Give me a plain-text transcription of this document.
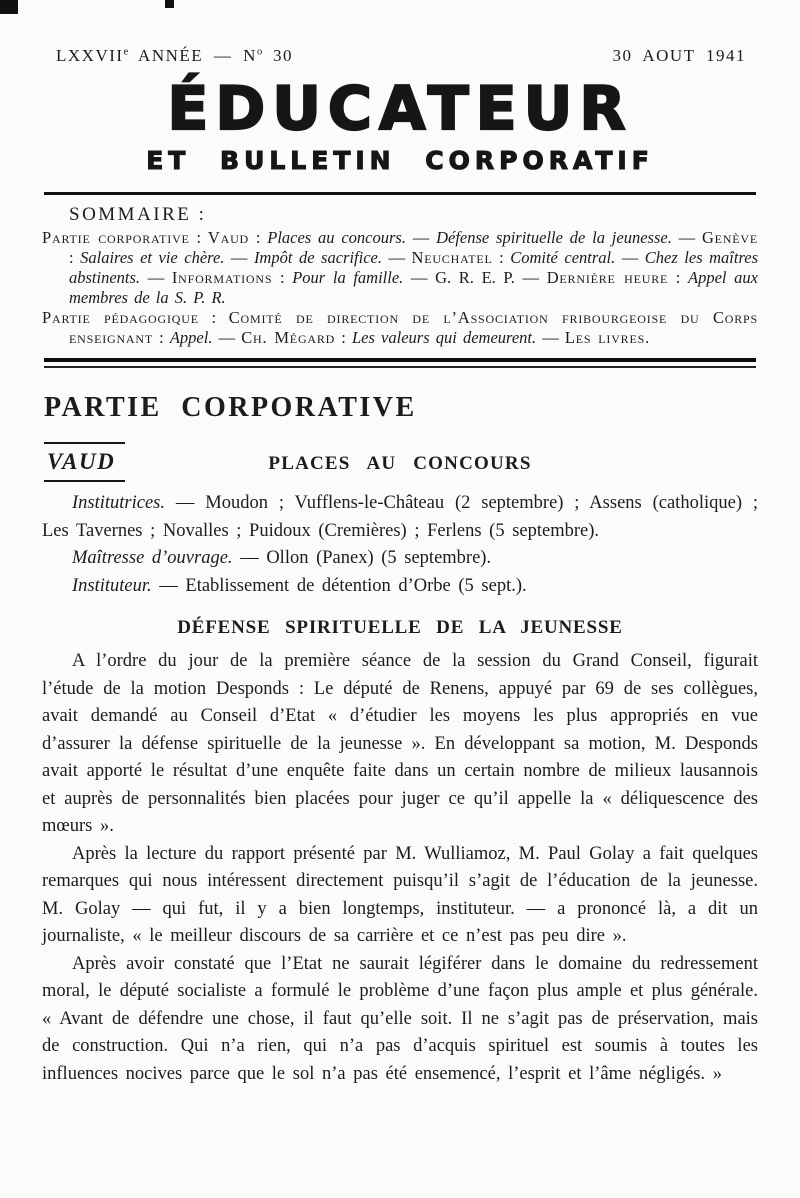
LXXVIIe ANNÉE — $N^o$ 30	30 AOUT 1941
ÉDUCATEUR
ET BULLETIN CORPORATIF
SOMMAIRE :

Partie corporative : Vaud : Places au concours. — Défense spirituelle de la jeunesse. — Genève : Salaires et vie chère. — Impôt de sacrifice. — Neuchatel : Comité central. — Chez les maîtres abstinents. — Informations : Pour la famille. — G. R. E. P. — Dernière heure : Appel aux membres de la S. P. R.

Partie pédagogique : Comité de direction de l’Association fribourgeoise du Corps enseignant : Appel. — Ch. Mégard : Les valeurs qui demeurent. — Les livres.

PARTIE CORPORATIVE
VAUD	PLACES AU CONCOURS

Institutrices. — Moudon ; Vufflens-le-Château (2 septembre) ; Assens (catholique) ; Les Tavernes ; Novalles ; Puidoux (Cremières) ; Ferlens (5 septembre).

Maîtresse d’ouvrage. — Ollon (Panex) (5 septembre).

Instituteur. — Etablissement de détention d’Orbe (5 sept.).

DÉFENSE SPIRITUELLE DE LA JEUNESSE

A l’ordre du jour de la première séance de la session du Grand Conseil, figurait l’étude de la motion Desponds : Le député de Renens, appuyé par 69 de ses collègues, avait demandé au Conseil d’Etat « d’étudier les moyens les plus appropriés en vue d’assurer la défense spirituelle de la jeunesse ». En développant sa motion, M. Desponds avait apporté le résultat d’une enquête faite dans un certain nombre de milieux lausannois et auprès de personnalités bien placées pour juger ce qu’il appelle la « déliquescence des mœurs ».

Après la lecture du rapport présenté par M. Wulliamoz, M. Paul Golay a fait quelques remarques qui nous intéressent directement puisqu’il s’agit de l’éducation de la jeunesse. M. Golay — qui fut, il y a bien longtemps, instituteur. — a prononcé là, a dit un journaliste, « le meilleur discours de sa carrière et ce n’est pas peu dire ».

Après avoir constaté que l’Etat ne saurait légiférer dans le domaine du redressement moral, le député socialiste a formulé le problème d’une façon plus ample et plus générale. « Avant de défendre une chose, il faut qu’elle soit. Il ne s’agit pas de préservation, mais de construction. Qui n’a rien, qui n’a pas d’acquis spirituel est soumis à toutes les influences nocives parce que le sol n’a pas été ensemencé, l’esprit et l’âme négligés. »
